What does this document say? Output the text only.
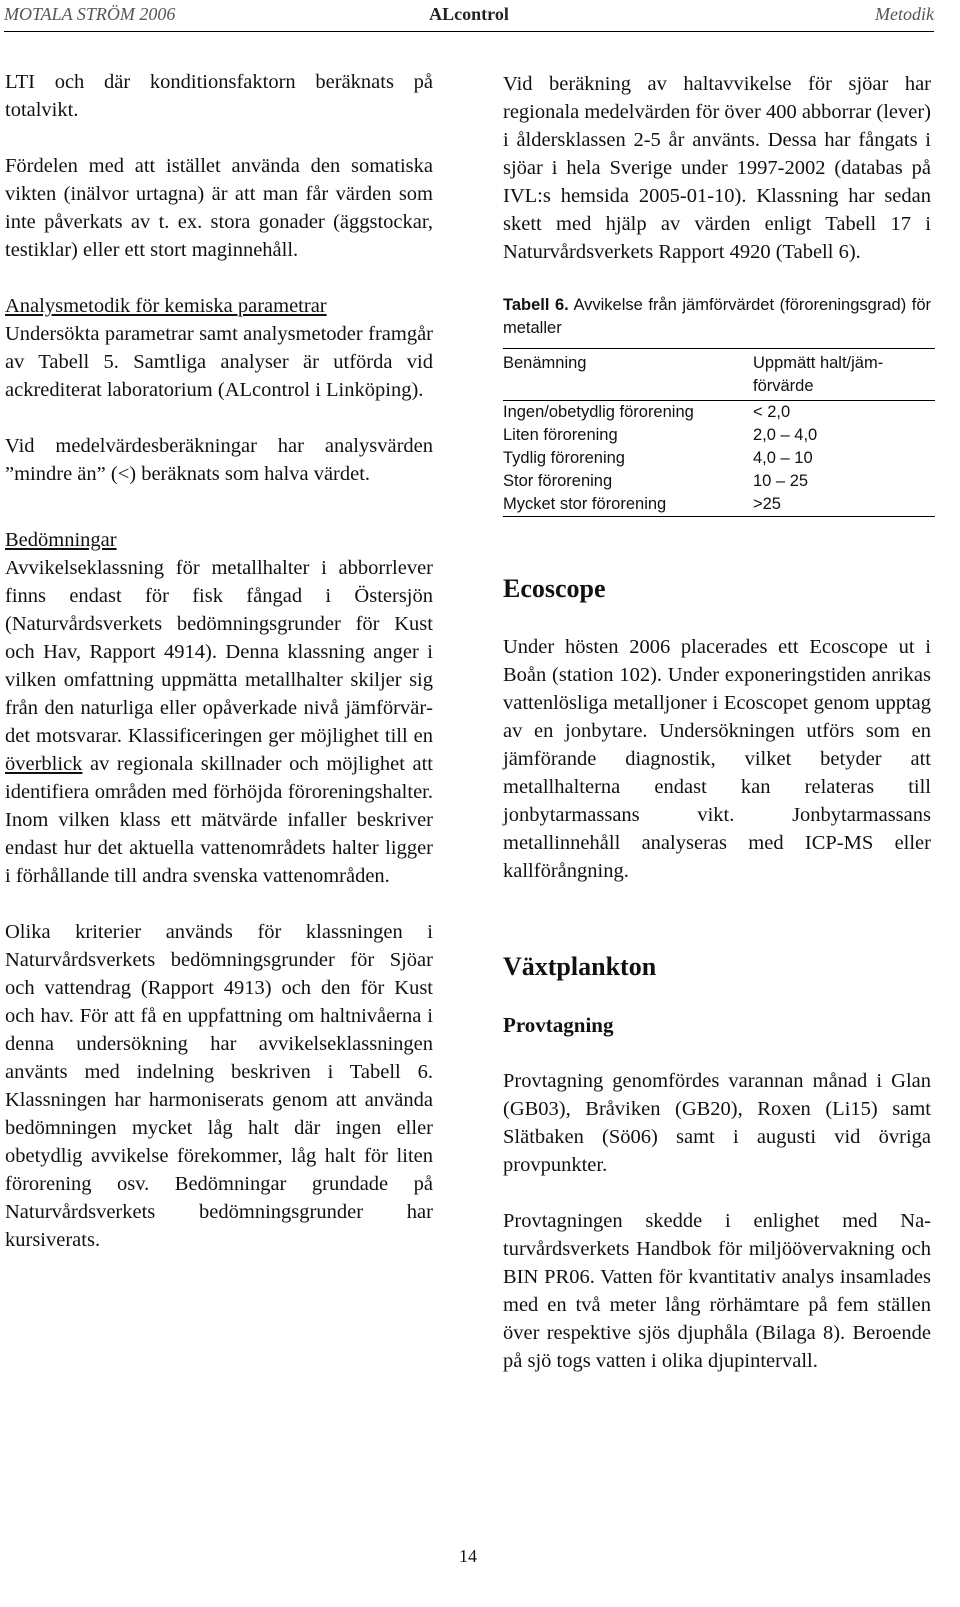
MOTALA STRÖM 2006	ALcontrol	Metodik

LTI och där konditionsfaktorn beräknats på totalvikt.

Fördelen med att istället använda den somatiska vikten (inälvor urtagna) är att man får värden som inte påverkats av t. ex. stora gonader (äggstockar, testiklar) eller ett stort maginnehåll.

Analysmetodik för kemiska parametrar

Undersökta parametrar samt analysmetoder framgår av Tabell 5. Samtliga analyser är utförda vid ackrediterat laboratorium (ALcontrol i Linköping).

Vid medelvärdesberäkningar har analysvärden ”mindre än” (<) beräknats som halva värdet.

Bedömningar

Avvikelseklassning för metallhalter i abborrlever finns endast för fisk fångad i Östersjön (Naturvårdsverkets bedömningsgrunder för Kust och Hav, Rapport 4914). Denna klassning anger i vilken omfattning uppmätta metallhalter skiljer sig från den naturliga eller opåverkade nivå jämförvärdet motsvarar. Klassificeringen ger möjlighet till en överblick av regionala skillnader och möjlighet att identifiera områden med förhöjda föroreningshalter. Inom vilken klass ett mätvärde infaller beskriver endast hur det aktuella vattenområdets halter ligger i förhållande till andra svenska vattenområden.

Olika kriterier används för klassningen i Naturvårdsverkets bedömningsgrunder för Sjöar och vattendrag (Rapport 4913) och den för Kust och hav. För att få en uppfattning om haltnivåerna i denna undersökning har avvikelseklassningen använts med indelning beskriven i Tabell 6. Klassningen har harmoniserats genom att använda bedömningen mycket låg halt där ingen eller obetydlig avvikelse förekommer, låg halt för liten förorening osv. Bedömningar grundade på Naturvårdsverkets bedömningsgrunder har kursiverats.

Vid beräkning av haltavvikelse för sjöar har regionala medelvärden för över 400 abborrar (lever) i åldersklassen 2-5 år använts. Dessa har fångats i sjöar i hela Sverige under 1997-2002 (databas på IVL:s hemsida 2005-01-10). Klassning har sedan skett med hjälp av värden enligt Tabell 17 i Naturvårdsverkets Rapport 4920 (Tabell 6).

Tabell 6. Avvikelse från jämförvärdet (föroreningsgrad) för metaller

Benämning	Uppmätt halt/jämförvärde
Ingen/obetydlig förorening	< 2,0
Liten förorening	2,0 – 4,0
Tydlig förorening	4,0 – 10
Stor förorening	10 – 25
Mycket stor förorening	>25
Ecoscope

Under hösten 2006 placerades ett Ecoscope ut i Boån (station 102). Under exponeringstiden anrikas vattenlösliga metalljoner i Ecoscopet genom upptag av en jonbytare. Undersökningen utförs som en jämförande diagnostik, vilket betyder att metallhalterna endast kan relateras till jonbytarmassans vikt. Jonbytarmassans metallinnehåll analyseras med ICP-MS eller kallförångning.

Växtplankton
Provtagning

Provtagning genomfördes varannan månad i Glan (GB03), Bråviken (GB20), Roxen (Li15) samt Slätbaken (Sö06) samt i augusti vid övriga provpunkter.

Provtagningen skedde i enlighet med Naturvårdsverkets Handbok för miljöövervakning och BIN PR06. Vatten för kvantitativ analys insamlades med en två meter lång rörhämtare på fem ställen över respektive sjös djuphåla (Bilaga 8). Beroende på sjö togs vatten i olika djupintervall.

14
